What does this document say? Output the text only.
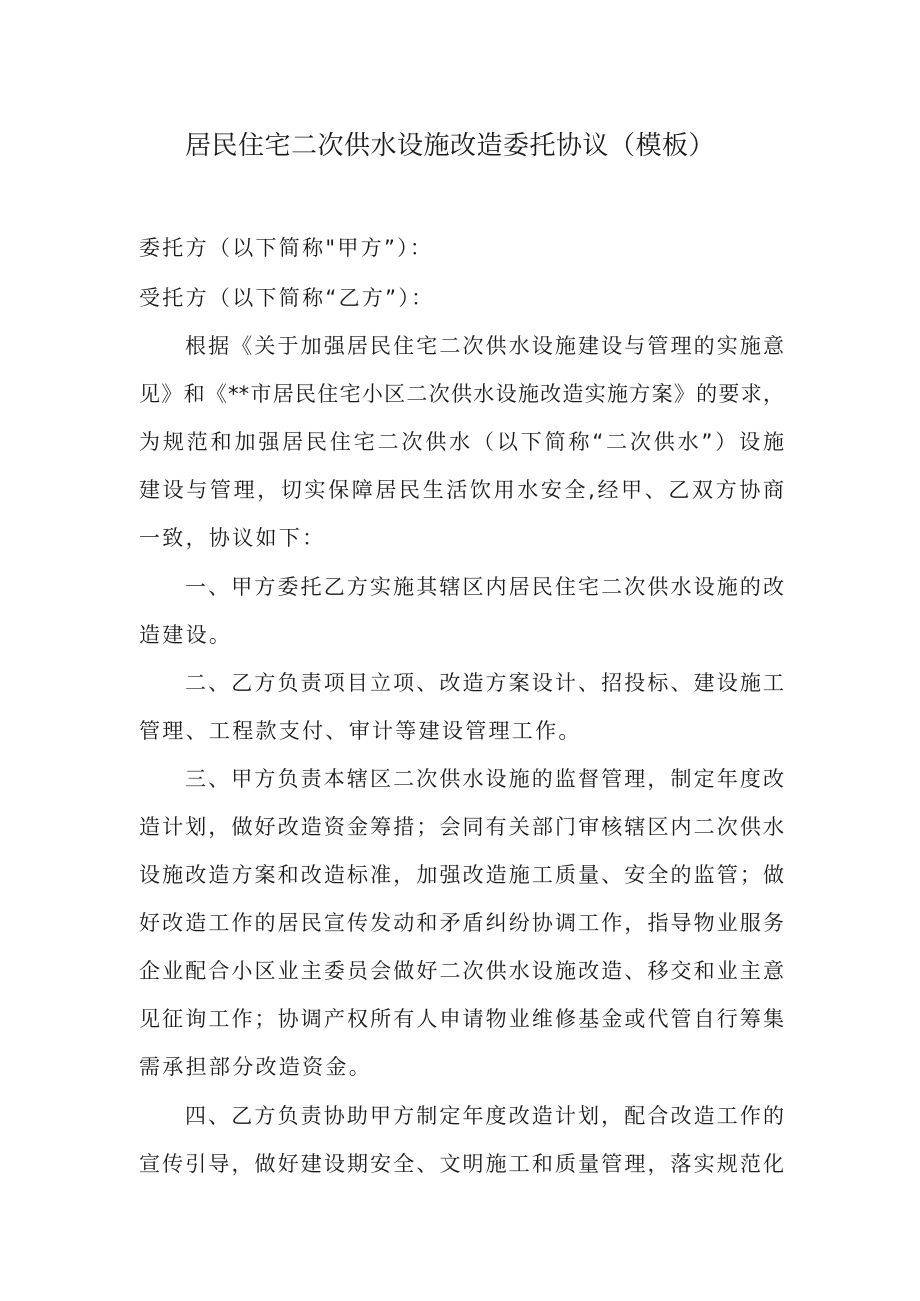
居民住宅二次供水设施改造委托协议（模板）
委托方（以下简称"甲方”）：
受托方（以下简称“乙方”）：
根据《关于加强居民住宅二次供水设施建设与管理的实施意
见》和《**市居民住宅小区二次供水设施改造实施方案》的要求，
为规范和加强居民住宅二次供水（以下简称“二次供水”）设施
建设与管理，切实保障居民生活饮用水安全,经甲、乙双方协商
一致，协议如下：
一、甲方委托乙方实施其辖区内居民住宅二次供水设施的改
造建设。
二、乙方负责项目立项、改造方案设计、招投标、建设施工
管理、工程款支付、审计等建设管理工作。
三、甲方负责本辖区二次供水设施的监督管理，制定年度改
造计划，做好改造资金筹措；会同有关部门审核辖区内二次供水
设施改造方案和改造标准，加强改造施工质量、安全的监管；做
好改造工作的居民宣传发动和矛盾纠纷协调工作，指导物业服务
企业配合小区业主委员会做好二次供水设施改造、移交和业主意
见征询工作；协调产权所有人申请物业维修基金或代管自行筹集
需承担部分改造资金。
四、乙方负责协助甲方制定年度改造计划，配合改造工作的
宣传引导，做好建设期安全、文明施工和质量管理，落实规范化
